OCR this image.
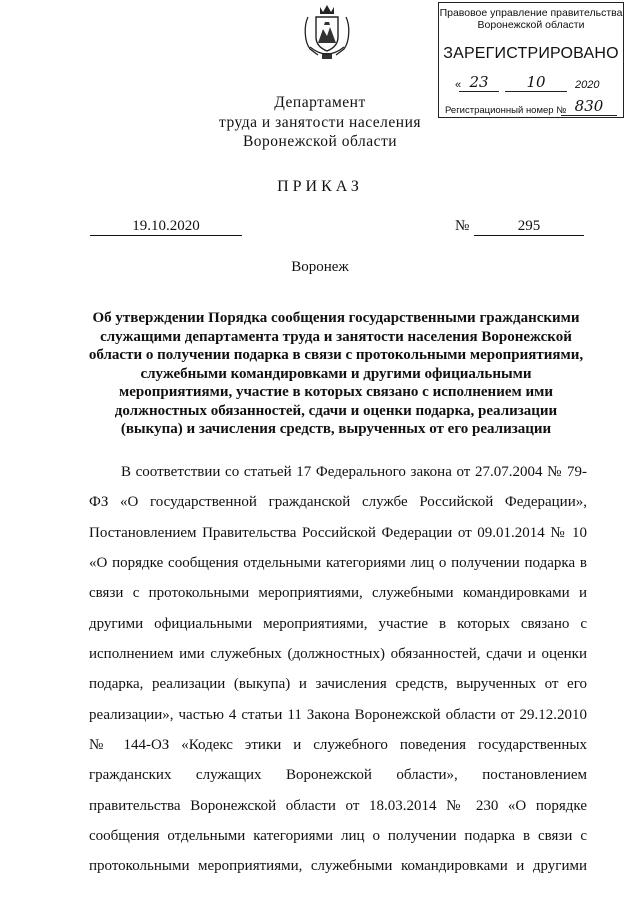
Правовое управление правительства
Воронежской области
ЗАРЕГИСТРИРОВАНО
« 23	10	2020
Регистрационный номер № 830
Департамент
труда и занятости населения
Воронежской области
ПРИКАЗ
19.10.2020	№	295
Воронеж
Об утверждении Порядка сообщения государственными гражданскими служащими департамента труда и занятости населения Воронежской области о получении подарка в связи с протокольными мероприятиями, служебными командировками и другими официальными мероприятиями, участие в которых связано с исполнением ими должностных обязанностей, сдачи и оценки подарка, реализации (выкупа) и зачисления средств, вырученных от его реализации
В соответствии со статьей 17 Федерального закона от 27.07.2004 № 79-
ФЗ «О государственной гражданской службе Российской Федерации»,
Постановлением Правительства Российской Федерации от 09.01.2014 № 10
«О порядке сообщения отдельными категориями лиц о получении подарка в
связи с протокольными мероприятиями, служебными командировками и
другими официальными мероприятиями, участие в которых связано с
исполнением ими служебных (должностных) обязанностей, сдачи и оценки
подарка, реализации (выкупа) и зачисления средств, вырученных от его
реализации», частью 4 статьи 11 Закона Воронежской области от 29.12.2010
№ 144-ОЗ «Кодекс этики и служебного поведения государственных
гражданских служащих Воронежской области», постановлением
правительства Воронежской области от 18.03.2014 № 230 «О порядке
сообщения отдельными категориями лиц о получении подарка в связи с
протокольными мероприятиями, служебными командировками и другими
